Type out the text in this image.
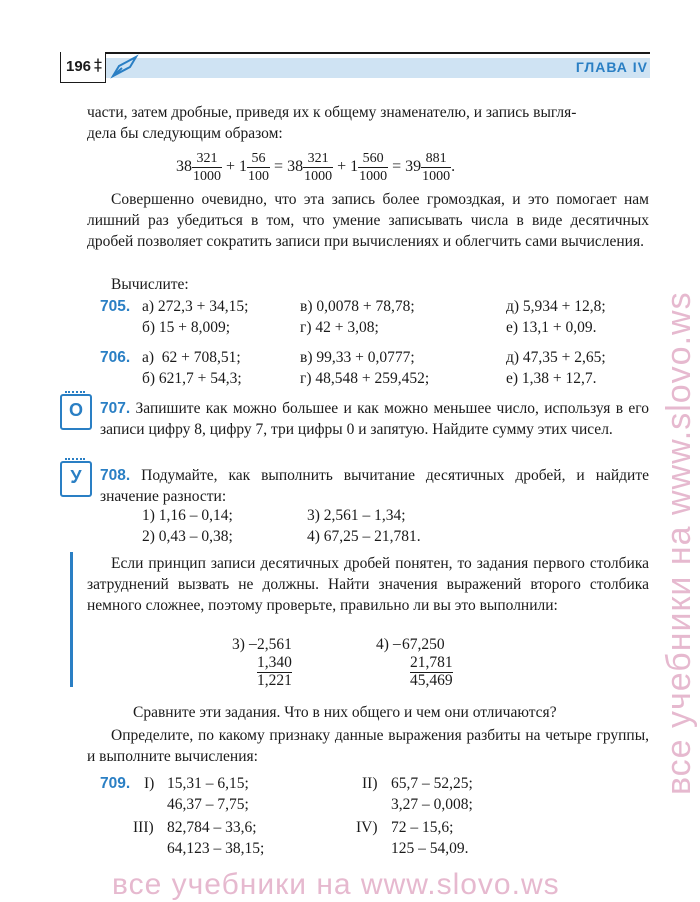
196 ‡	ГЛАВА IV
части, затем дробные, приведя их к общему знаменателю, и запись выгля-
дела бы следующим образом:
$38 \frac{321}{1000} + 1 \frac{56}{100} = 38 \frac{321}{1000} + 1 \frac{560}{1000} = 39 \frac{881}{1000}$ .
Совершенно очевидно, что эта запись более громоздкая, и это помогает нам лишний раз убедиться в том, что умение записывать числа в виде десятичных дробей позволяет сократить записи при вычислениях и облегчить сами вычисления.
Вычислите:
705. а) 272,3 + 34,15;	в) 0,0078 + 78,78;	д) 5,934 + 12,8;
б) 15 + 8,009;	г) 42 + 3,08;	е) 13,1 + 0,09.
706. а)  62 + 708,51;	в) 99,33 + 0,0777;	д) 47,35 + 2,65;
б) 621,7 + 54,3;	г) 48,548 + 259,452;	е) 1,38 + 12,7.
О	707. Запишите как можно большее и как можно меньшее число, используя в его записи цифру 8, цифру 7, три цифры 0 и запятую. Найдите сумму этих чисел.
У	708. Подумайте, как выполнить вычитание десятичных дробей, и найдите значение разности:
1) 1,16 – 0,14;	3) 2,561 – 1,34;
2) 0,43 – 0,38;	4) 67,25 – 21,781.
Если принцип записи десятичных дробей понятен, то задания первого столбика затруднений вызвать не должны. Найти значения выражений второго столбика немного сложнее, поэтому проверьте, правильно ли вы это выполнили:
3) _ 2,561
1,340
1,221
4) _ 67,250
21,781
45,469
Сравните эти задания. Что в них общего и чем они отличаются?
Определите, по какому признаку данные выражения разбиты на четыре группы, и выполните вычисления:
709. I) 15,31 – 6,15;
46,37 – 7,75;
II) 65,7 – 52,25;
3,27 – 0,008;
III) 82,784 – 33,6;
64,123 – 38,15;
IV) 72 – 15,6;
125 – 54,09.
все учебники на www.slovo.ws
все учебники на www.slovo.ws
